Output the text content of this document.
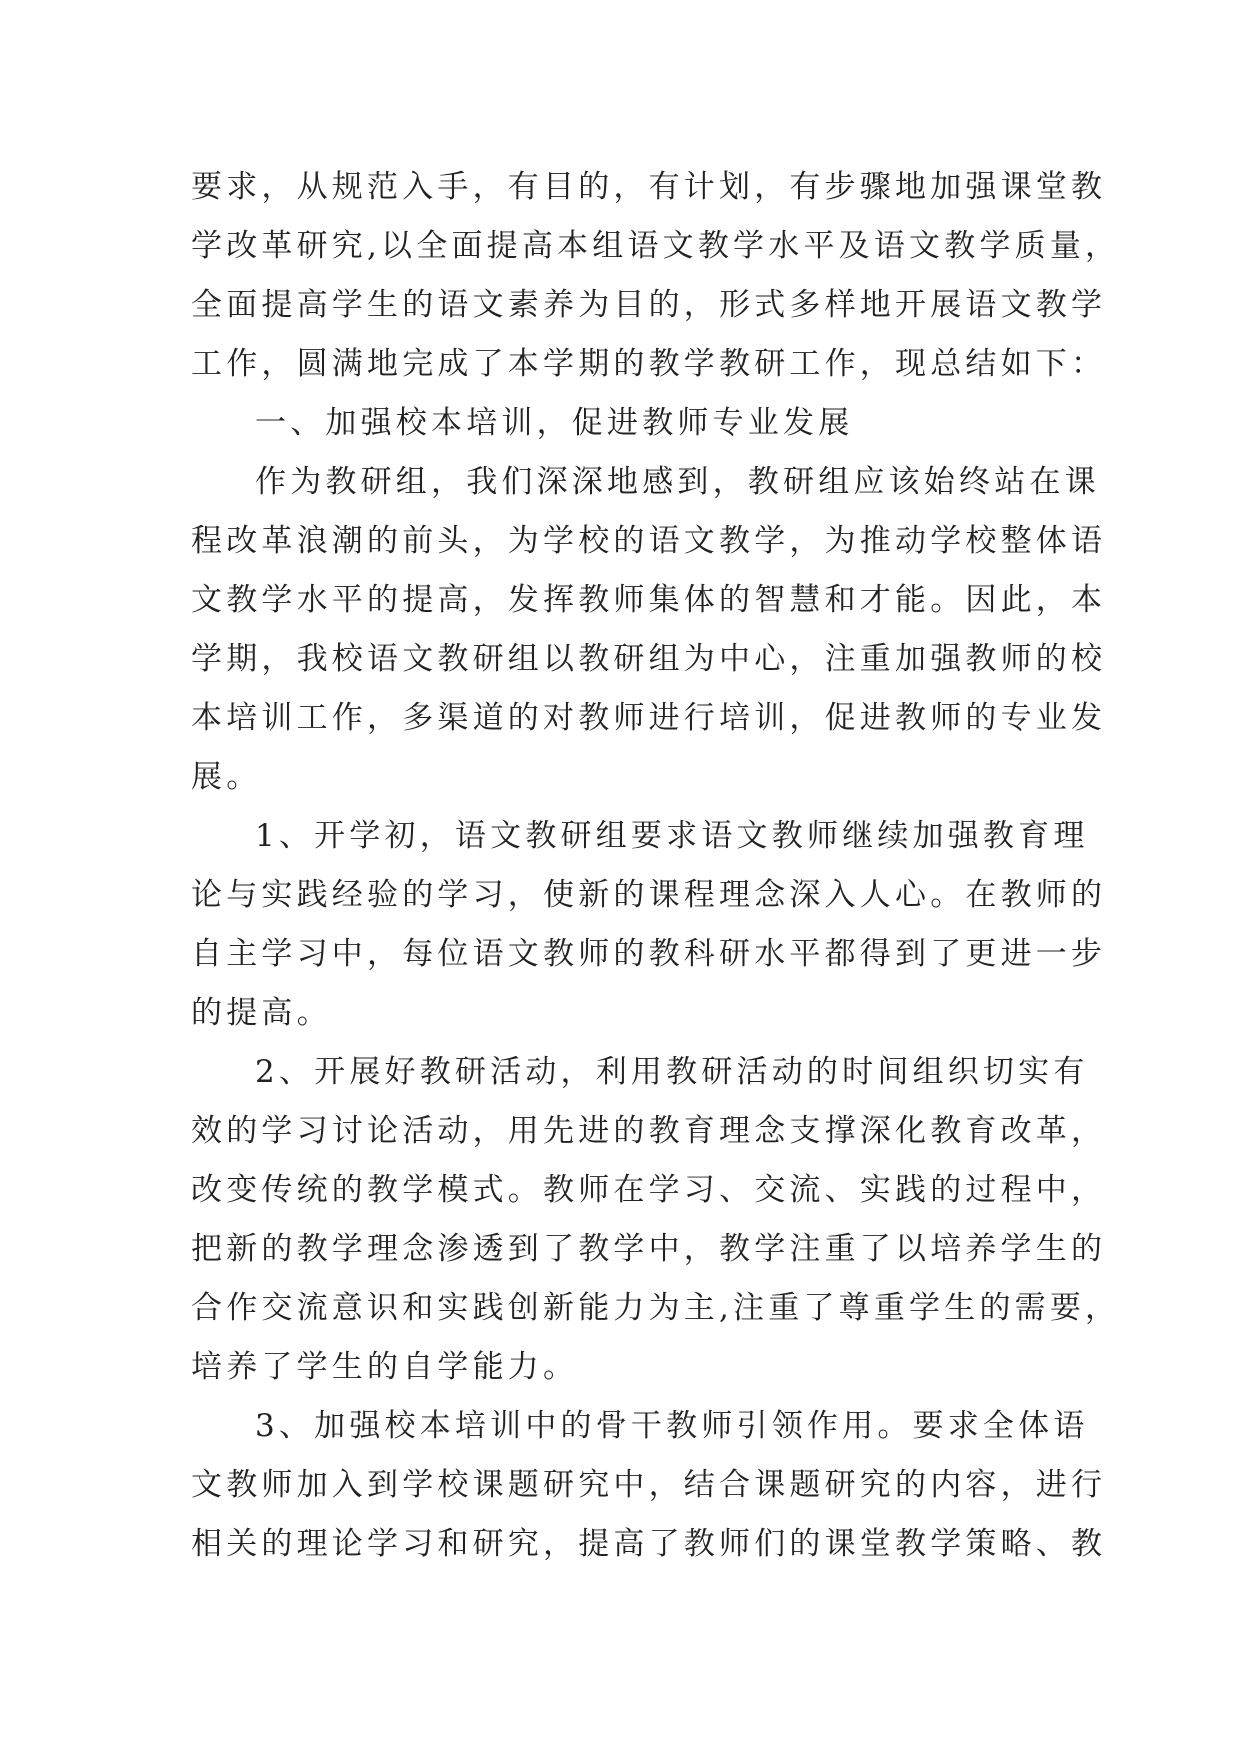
要求，从规范入手，有目的，有计划，有步骤地加强课堂教
学改革研究,以全面提高本组语文教学水平及语文教学质量，
全面提高学生的语文素养为目的，形式多样地开展语文教学
工作，圆满地完成了本学期的教学教研工作，现总结如下：
一、加强校本培训，促进教师专业发展
作为教研组，我们深深地感到，教研组应该始终站在课
程改革浪潮的前头，为学校的语文教学，为推动学校整体语
文教学水平的提高，发挥教师集体的智慧和才能。因此，本
学期，我校语文教研组以教研组为中心，注重加强教师的校
本培训工作，多渠道的对教师进行培训，促进教师的专业发
展。
1、开学初，语文教研组要求语文教师继续加强教育理
论与实践经验的学习，使新的课程理念深入人心。在教师的
自主学习中，每位语文教师的教科研水平都得到了更进一步
的提高。
2、开展好教研活动，利用教研活动的时间组织切实有
效的学习讨论活动，用先进的教育理念支撑深化教育改革，
改变传统的教学模式。教师在学习、交流、实践的过程中，
把新的教学理念渗透到了教学中，教学注重了以培养学生的
合作交流意识和实践创新能力为主,注重了尊重学生的需要，
培养了学生的自学能力。
3、加强校本培训中的骨干教师引领作用。要求全体语
文教师加入到学校课题研究中，结合课题研究的内容，进行
相关的理论学习和研究，提高了教师们的课堂教学策略、教
